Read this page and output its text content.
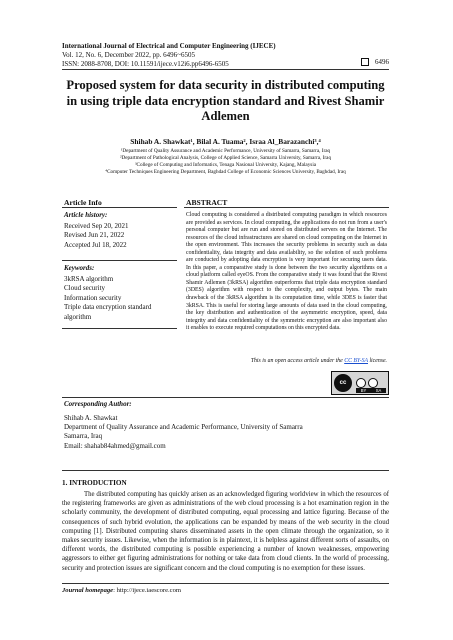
International Journal of Electrical and Computer Engineering (IJECE)
Vol. 12, No. 6, December 2022, pp. 6496~6505
ISSN: 2088-8708, DOI: 10.11591/ijece.v12i6.pp6496-6505	6496
Proposed system for data security in distributed computing in using triple data encryption standard and Rivest Shamir Adlemen
Shihab A. Shawkat¹, Bilal A. Tuama², Israa Al_Barazanchi³,⁴
¹Department of Quality Assurance and Academic Performance, University of Samarra, Samarra, Iraq
²Department of Pathological Analysis, College of Applied Science, Samarra University, Samarra, Iraq
³College of Computing and Informatics, Tenaga Nasional University, Kajang, Malaysia
⁴Computer Techniques Engineering Department, Baghdad College of Economic Sciences University, Baghdad, Iraq
Article Info	ABSTRACT
Article history:
Received Sep 20, 2021
Revised Jun 21, 2022
Accepted Jul 18, 2022
Keywords:
3kRSA algorithm
Cloud security
Information security
Triple data encryption standard
algorithm
Cloud computing is considered a distributed computing paradigm in which resources are provided as services. In cloud computing, the applications do not run from a user's personal computer but are run and stored on distributed servers on the Internet. The resources of the cloud infrastructures are shared on cloud computing on the Internet in the open environment. This increases the security problems in security such as data confidentiality, data integrity and data availability, so the solution of such problems are conducted by adopting data encryption is very important for securing users data. In this paper, a comparative study is done between the two security algorithms on a cloud platform called eyeOS. From the comparative study it was found that the Rivest Shamir Adlemen (3kRSA) algorithm outperforms that triple data encryption standard (3DES) algorithm with respect to the complexity, and output bytes. The main drawback of the 3kRSA algorithm is its computation time, while 3DES is faster that 3kRSA. This is useful for storing large amounts of data used in the cloud computing, the key distribution and authentication of the asymmetric encryption, speed, data integrity and data confidentiality of the symmetric encryption are also important also it enables to execute required computations on this encrypted data.
This is an open access article under the CC BY-SA license.
cc
BY SA
Corresponding Author:
Shihab A. Shawkat
Department of Quality Assurance and Academic Performance, University of Samarra
Samarra, Iraq
Email: shahab84ahmed@gmail.com
1. INTRODUCTION
The distributed computing has quickly arisen as an acknowledged figuring worldview in which the resources of the registering frameworks are given as administrations of the web cloud processing is a hot examination region in the scholarly community, the development of distributed computing, equal processing and lattice figuring. Because of the consequences of such hybrid evolution, the applications can be expanded by means of the web security in the cloud computing [1]. Distributed computing shares disseminated assets in the open climate through the organization, so it makes security issues. Likewise, when the information is in plaintext, it is helpless against different sorts of assaults, on different words, the distributed computing is possible experiencing a number of known weaknesses, empowering aggressors to either get figuring administrations for nothing or take data from cloud clients. In the world of processing, security and protection issues are significant concern and the cloud computing is no exemption for these issues.
Journal homepage: http://ijece.iaescore.com
